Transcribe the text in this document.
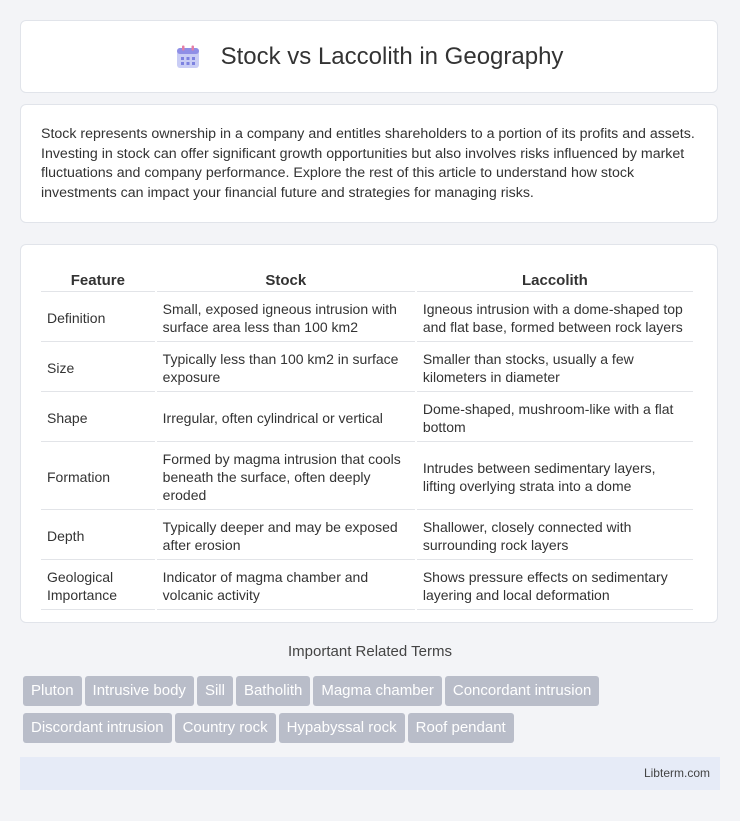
Stock vs Laccolith in Geography

Stock represents ownership in a company and entitles shareholders to a portion of its profits and assets. Investing in stock can offer significant growth opportunities but also involves risks influenced by market fluctuations and company performance. Explore the rest of this article to understand how stock investments can impact your financial future and strategies for managing risks.

Feature	Stock	Laccolith
Definition	Small, exposed igneous intrusion with surface area less than 100 km2	Igneous intrusion with a dome-shaped top and flat base, formed between rock layers
Size	Typically less than 100 km2 in surface exposure	Smaller than stocks, usually a few kilometers in diameter
Shape	Irregular, often cylindrical or vertical	Dome-shaped, mushroom-like with a flat bottom
Formation	Formed by magma intrusion that cools beneath the surface, often deeply eroded	Intrudes between sedimentary layers, lifting overlying strata into a dome
Depth	Typically deeper and may be exposed after erosion	Shallower, closely connected with surrounding rock layers
Geological Importance	Indicator of magma chamber and volcanic activity	Shows pressure effects on sedimentary layering and local deformation
Important Related Terms
Pluton Intrusive body Sill Batholith Magma chamber Concordant intrusionDiscordant intrusion Country rock Hypabyssal rock Roof pendant
Libterm.com
